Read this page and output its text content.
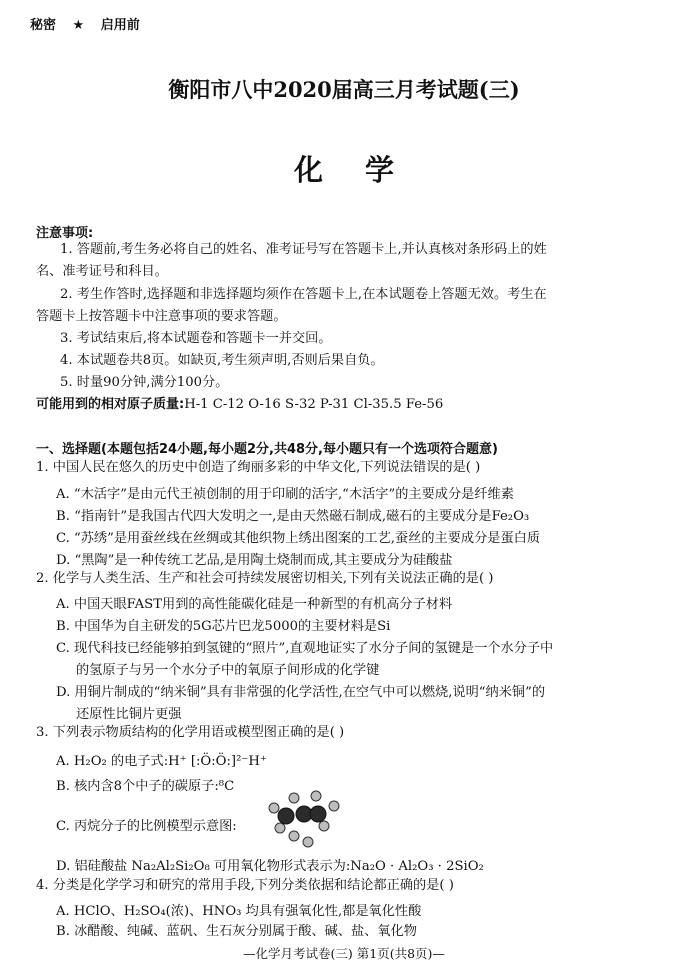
秘密 ★ 启用前
衡阳市八中2020届高三月考试题(三)
化学
注意事项:
1. 答题前,考生务必将自己的姓名、准考证号写在答题卡上,并认真核对条形码上的姓
名、准考证号和科目。
2. 考生作答时,选择题和非选择题均须作在答题卡上,在本试题卷上答题无效。考生在
答题卡上按答题卡中注意事项的要求答题。
3. 考试结束后,将本试题卷和答题卡一并交回。
4. 本试题卷共8页。如缺页,考生须声明,否则后果自负。
5. 时量90分钟,满分100分。
可能用到的相对原子质量:H-1 C-12 O-16 S-32 P-31 Cl-35.5 Fe-56
一、选择题(本题包括24小题,每小题2分,共48分,每小题只有一个选项符合题意)
1. 中国人民在悠久的历史中创造了绚丽多彩的中华文化,下列说法错误的是( )
A. “木活字”是由元代王祯创制的用于印刷的活字,“木活字”的主要成分是纤维素
B. “指南针”是我国古代四大发明之一,是由天然磁石制成,磁石的主要成分是Fe₂O₃
C. “苏绣”是用蚕丝线在丝绸或其他织物上绣出图案的工艺,蚕丝的主要成分是蛋白质
D. “黑陶”是一种传统工艺品,是用陶土烧制而成,其主要成分为硅酸盐
2. 化学与人类生活、生产和社会可持续发展密切相关,下列有关说法正确的是( )
A. 中国天眼FAST用到的高性能碳化硅是一种新型的有机高分子材料
B. 中国华为自主研发的5G芯片巴龙5000的主要材料是Si
C. 现代科技已经能够拍到氢键的“照片”,直观地证实了水分子间的氢键是一个水分子中
的氢原子与另一个水分子中的氧原子间形成的化学键
D. 用铜片制成的“纳米铜”具有非常强的化学活性,在空气中可以燃烧,说明“纳米铜”的
还原性比铜片更强
3. 下列表示物质结构的化学用语或模型图正确的是( )
A. H₂O₂ 的电子式:H⁺ [:Ö:Ö:]²⁻H⁺
B. 核内含8个中子的碳原子:⁸C
C. 丙烷分子的比例模型示意图:
D. 铝硅酸盐 Na₂Al₂Si₂O₈ 可用氧化物形式表示为:Na₂O · Al₂O₃ · 2SiO₂
4. 分类是化学学习和研究的常用手段,下列分类依据和结论都正确的是( )
A. HClO、H₂SO₄(浓)、HNO₃ 均具有强氧化性,都是氧化性酸
B. 冰醋酸、纯碱、蓝矾、生石灰分别属于酸、碱、盐、氧化物
—化学月考试卷(三) 第1页(共8页)—
